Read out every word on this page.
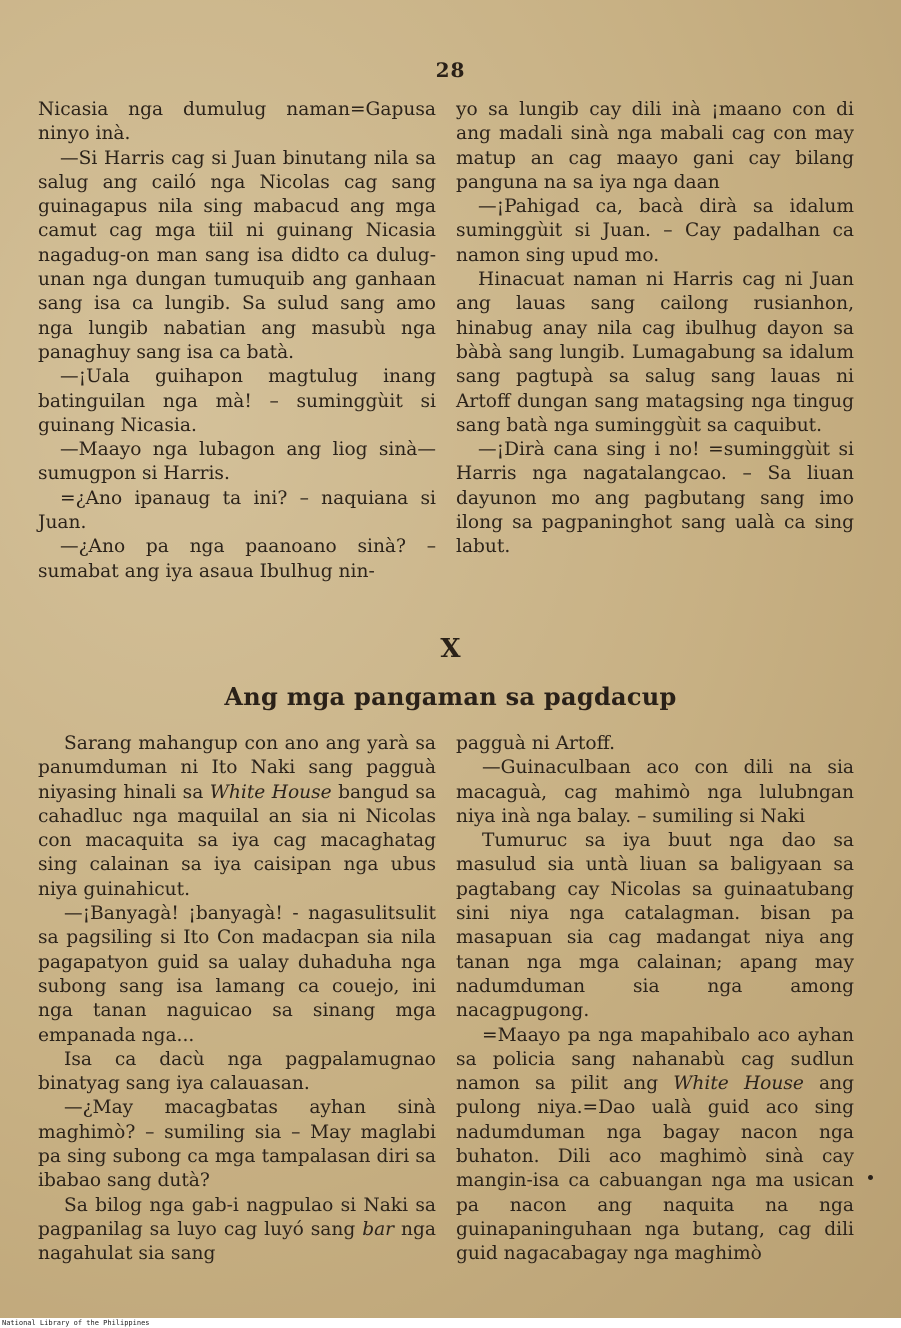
28

Nicasia nga dumulug naman=Gapusa ninyo inà.

—Si Harris cag si Juan binutang nila sa salug ang cailó nga Nicolas cag sang guinagapus nila sing mabacud ang mga camut cag mga tiil ni guinang Nicasia nagadug-on man sang isa didto ca dulug-unan nga dungan tumuquib ang ganhaan sang isa ca lungib. Sa sulud sang amo nga lungib nabatian ang masubù nga panaghuy sang isa ca batà.

—¡Uala guihapon magtulug inang batinguilan nga mà! – suminggùit si guinang Nicasia.

—Maayo nga lubagon ang liog sinà—sumugpon si Harris.

=¿Ano ipanaug ta ini? – naquiana si Juan.

—¿Ano pa nga paanoano sinà? – sumabat ang iya asaua Ibulhug nin-

yo sa lungib cay dili inà ¡maano con di ang madali sinà nga mabali cag con may matup an cag maayo gani cay bilang panguna na sa iya nga daan

—¡Pahigad ca, bacà dirà sa idalum suminggùit si Juan. – Cay padalhan ca namon sing upud mo.

Hinacuat naman ni Harris cag ni Juan ang lauas sang cailong rusianhon, hinabug anay nila cag ibulhug dayon sa bàbà sang lungib. Lumagabung sa idalum sang pagtupà sa salug sang lauas ni Artoff dungan sang matagsing nga tingug sang batà nga suminggùit sa caquibut.

—¡Dirà cana sing i no! =suminggùit si Harris nga nagatalangcao. – Sa liuan dayunon mo ang pagbutang sang imo ilong sa pagpaninghot sang ualà ca sing labut.

X
Ang mga pangaman sa pagdacup

Sarang mahangup con ano ang yarà sa panumduman ni Ito Naki sang pagguà niyasing hinali sa White House bangud sa cahadluc nga maquilal an sia ni Nicolas con macaquita sa iya cag macaghatag sing calainan sa iya caisipan nga ubus niya guinahicut.

—¡Banyagà! ¡banyagà! - nagasulitsulit sa pagsiling si Ito Con madacpan sia nila pagapatyon guid sa ualay duhaduha nga subong sang isa lamang ca couejo, ini nga tanan naguicao sa sinang mga empanada nga...

Isa ca dacù nga pagpalamugnao binatyag sang iya calauasan.

—¿May macagbatas ayhan sinà maghimò? – sumiling sia – May maglabi pa sing subong ca mga tampalasan diri sa ibabao sang dutà?

Sa bilog nga gab-i nagpulao si Naki sa pagpanilag sa luyo cag luyó sang bar nga nagahulat sia sang

pagguà ni Artoff.

—Guinaculbaan aco con dili na sia macaguà, cag mahimò nga lulubngan niya inà nga balay. – sumiling si Naki

Tumuruc sa iya buut nga dao sa masulud sia untà liuan sa baligyaan sa pagtabang cay Nicolas sa guinaatubang sini niya nga catalagman. bisan pa masapuan sia cag madangat niya ang tanan nga mga calainan; apang may nadumduman sia nga among nacagpugong.

=Maayo pa nga mapahibalo aco ayhan sa policia sang nahanabù cag sudlun namon sa pilit ang White House ang pulong niya.=Dao ualà guid aco sing nadumduman nga bagay nacon nga buhaton. Dili aco maghimò sinà cay mangin-isa ca cabuangan nga ma usican pa nacon ang naquita na nga guinapaninguhaan nga butang, cag dili guid nagacabagay nga maghimò

National Library of the Philippines
